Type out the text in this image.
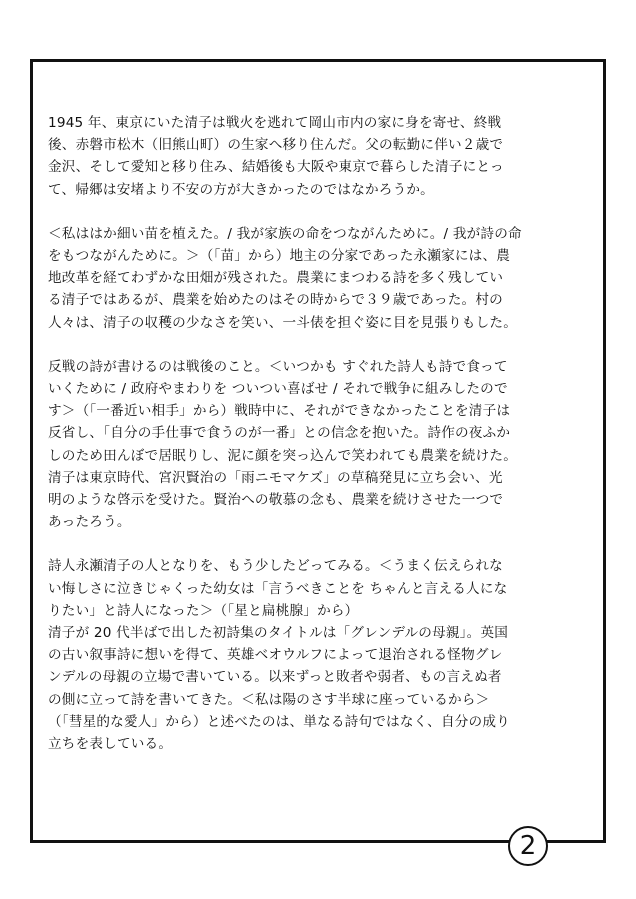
1945 年、東京にいた清子は戦火を逃れて岡山市内の家に身を寄せ、終戦
後、赤磐市松木（旧熊山町）の生家へ移り住んだ。父の転勤に伴い２歳で
金沢、そして愛知と移り住み、結婚後も大阪や東京で暮らした清子にとっ
て、帰郷は安堵より不安の方が大きかったのではなかろうか。
＜私ははか細い苗を植えた。/ 我が家族の命をつながんために。/ 我が詩の命
をもつながんために。＞（「苗」から）地主の分家であった永瀬家には、農
地改革を経てわずかな田畑が残された。農業にまつわる詩を多く残してい
る清子ではあるが、農業を始めたのはその時からで３９歳であった。村の
人々は、清子の収穫の少なさを笑い、一斗俵を担ぐ姿に目を見張りもした。
反戦の詩が書けるのは戦後のこと。＜いつかも すぐれた詩人も詩で食って
いくために / 政府やまわりを ついつい喜ばせ / それで戦争に組みしたので
す＞（「一番近い相手」から）戦時中に、それができなかったことを清子は
反省し、「自分の手仕事で食うのが一番」との信念を抱いた。詩作の夜ふか
しのため田んぼで居眠りし、泥に顔を突っ込んで笑われても農業を続けた。
清子は東京時代、宮沢賢治の「雨ニモマケズ」の草稿発見に立ち会い、光
明のような啓示を受けた。賢治への敬慕の念も、農業を続けさせた一つで
あったろう。
詩人永瀬清子の人となりを、もう少したどってみる。＜うまく伝えられな
い悔しさに泣きじゃくった幼女は「言うべきことを ちゃんと言える人にな
りたい」と詩人になった＞（「星と扁桃腺」から）
清子が 20 代半ばで出した初詩集のタイトルは「グレンデルの母親」。英国
の古い叙事詩に想いを得て、英雄ベオウルフによって退治される怪物グレ
ンデルの母親の立場で書いている。以来ずっと敗者や弱者、もの言えぬ者
の側に立って詩を書いてきた。＜私は陽のさす半球に座っているから＞
（「彗星的な愛人」から）と述べたのは、単なる詩句ではなく、自分の成り
立ちを表している。
2
